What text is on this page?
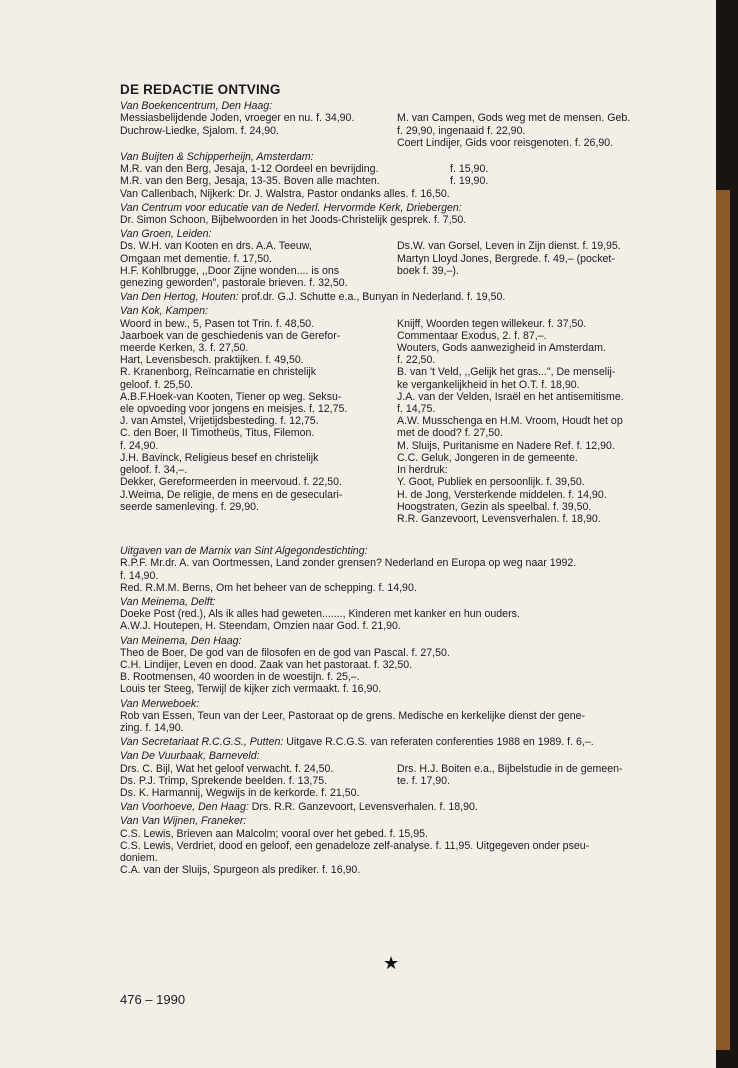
DE REDACTIE ONTVING
Van Boekencentrum, Den Haag:
Messiasbelijdende Joden, vroeger en nu. f. 34,90.
Duchrow-Liedke, Sjalom. f. 24,90.
M. van Campen, Gods weg met de mensen. Geb.
f. 29,90, ingenaaid f. 22,90.
Coert Lindijer, Gids voor reisgenoten. f. 26,90.
Van Buijten & Schipperheijn, Amsterdam:
M.R. van den Berg, Jesaja, 1-12 Oordeel en bevrijding.
M.R. van den Berg, Jesaja, 13-35. Boven alle machten.
f. 15,90.
f. 19,90.
Van Callenbach, Nijkerk: Dr. J. Walstra, Pastor ondanks alles. f. 16,50.
Van Centrum voor educatie van de Nederl. Hervormde Kerk, Driebergen:
Dr. Simon Schoon, Bijbelwoorden in het Joods-Christelijk gesprek. f. 7,50.
Van Groen, Leiden:
Ds. W.H. van Kooten en drs. A.A. Teeuw,
Omgaan met dementie. f. 17,50.
H.F. Kohlbrugge, ,,Door Zijne wonden.... is ons
genezing geworden", pastorale brieven. f. 32,50.
Ds.W. van Gorsel, Leven in Zijn dienst. f. 19,95.
Martyn Lloyd Jones, Bergrede. f. 49,– (pocket-
boek f. 39,–).
Van Den Hertog, Houten: prof.dr. G.J. Schutte e.a., Bunyan in Nederland. f. 19,50.
Van Kok, Kampen:
Woord in bew., 5, Pasen tot Trin. f. 48,50.
Jaarboek van de geschiedenis van de Gerefor-
meerde Kerken, 3. f. 27,50.
Hart, Levensbesch. praktijken. f. 49,50.
R. Kranenborg, Reïncarnatie en christelijk
geloof. f. 25,50.
A.B.F.Hoek-van Kooten, Tiener op weg. Seksu-
ele opvoeding voor jongens en meisjes. f. 12,75.
J. van Amstel, Vrijetijdsbesteding. f. 12,75.
C. den Boer, II Timotheüs, Titus, Filemon.
f. 24,90.
J.H. Bavinck, Religieus besef en christelijk
geloof. f. 34,–.
Dekker, Gereformeerden in meervoud. f. 22,50.
J.Weima, De religie, de mens en de geseculari-
seerde samenleving. f. 29,90.
Knijff, Woorden tegen willekeur. f. 37,50.
Commentaar Exodus, 2. f. 87,–.
Wouters, Gods aanwezigheid in Amsterdam.
f. 22,50.
B. van 't Veld, ,,Gelijk het gras...", De menselij-
ke vergankelijkheid in het O.T. f. 18,90.
J.A. van der Velden, Israël en het antisemitisme.
f. 14,75.
A.W. Musschenga en H.M. Vroom, Houdt het op
met de dood? f. 27,50.
M. Sluijs, Puritanisme en Nadere Ref. f. 12,90.
C.C. Geluk, Jongeren in de gemeente.
In herdruk:
Y. Goot, Publiek en persoonlijk. f. 39,50.
H. de Jong, Versterkende middelen. f. 14,90.
Hoogstraten, Gezin als speelbal. f. 39,50.
R.R. Ganzevoort, Levensverhalen. f. 18,90.
Uitgaven van de Marnix van Sint Algegondestichting:
R.P.F. Mr.dr. A. van Oortmessen, Land zonder grensen? Nederland en Europa op weg naar 1992.
f. 14,90.
Red. R.M.M. Berns, Om het beheer van de schepping. f. 14,90.
Van Meinema, Delft:
Doeke Post (red.), Als ik alles had geweten......., Kinderen met kanker en hun ouders.
A.W.J. Houtepen, H. Steendam, Omzien naar God. f. 21,90.
Van Meinema, Den Haag:
Theo de Boer, De god van de filosofen en de god van Pascal. f. 27,50.
C.H. Lindijer, Leven en dood. Zaak van het pastoraat. f. 32,50.
B. Rootmensen, 40 woorden in de woestijn. f. 25,–.
Louis ter Steeg, Terwijl de kijker zich vermaakt. f. 16,90.
Van Merweboek:
Rob van Essen, Teun van der Leer, Pastoraat op de grens. Medische en kerkelijke dienst der gene-
zing. f. 14,90.
Van Secretariaat R.C.G.S., Putten: Uitgave R.C.G.S. van referaten conferenties 1988 en 1989. f. 6,–.
Van De Vuurbaak, Barneveld:
Drs. C. Bijl, Wat het geloof verwacht. f. 24,50.
Ds. P.J. Trimp, Sprekende beelden. f. 13,75.
Ds. K. Harmannij, Wegwijs in de kerkorde. f. 21,50.
Drs. H.J. Boiten e.a., Bijbelstudie in de gemeen-
te. f. 17,90.
Van Voorhoeve, Den Haag: Drs. R.R. Ganzevoort, Levensverhalen. f. 18,90.
Van Van Wijnen, Franeker:
C.S. Lewis, Brieven aan Malcolm; vooral over het gebed. f. 15,95.
C.S. Lewis, Verdriet, dood en geloof, een genadeloze zelf-analyse. f. 11,95. Uitgegeven onder pseu-
doniem.
C.A. van der Sluijs, Spurgeon als prediker. f. 16,90.
★
476 – 1990
